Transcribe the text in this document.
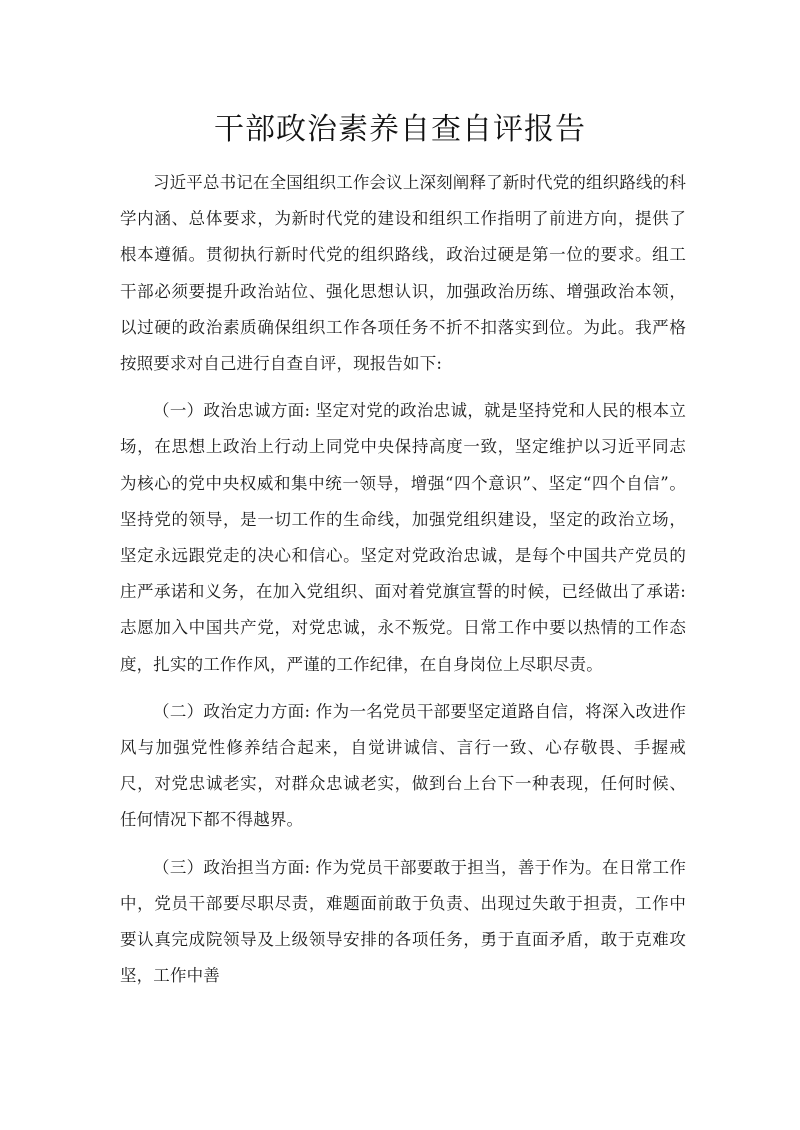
干部政治素养自查自评报告

习近平总书记在全国组织工作会议上深刻阐释了新时代党的组织路线的科学内涵、总体要求，为新时代党的建设和组织工作指明了前进方向，提供了根本遵循。贯彻执行新时代党的组织路线，政治过硬是第一位的要求。组工干部必须要提升政治站位、强化思想认识，加强政治历练、增强政治本领，以过硬的政治素质确保组织工作各项任务不折不扣落实到位。为此。我严格按照要求对自己进行自查自评，现报告如下:

（一）政治忠诚方面: 坚定对党的政治忠诚，就是坚持党和人民的根本立场，在思想上政治上行动上同党中央保持高度一致，坚定维护以习近平同志为核心的党中央权威和集中统一领导，增强“四个意识”、坚定“四个自信”。坚持党的领导，是一切工作的生命线，加强党组织建设，坚定的政治立场，坚定永远跟党走的决心和信心。坚定对党政治忠诚，是每个中国共产党员的庄严承诺和义务，在加入党组织、面对着党旗宣誓的时候，已经做出了承诺: 志愿加入中国共产党，对党忠诚，永不叛党。日常工作中要以热情的工作态度，扎实的工作作风，严谨的工作纪律，在自身岗位上尽职尽责。

（二）政治定力方面: 作为一名党员干部要坚定道路自信，将深入改进作风与加强党性修养结合起来，自觉讲诚信、言行一致、心存敬畏、手握戒尺，对党忠诚老实，对群众忠诚老实，做到台上台下一种表现，任何时候、任何情况下都不得越界。

（三）政治担当方面: 作为党员干部要敢于担当，善于作为。在日常工作中，党员干部要尽职尽责，难题面前敢于负责、出现过失敢于担责，工作中要认真完成院领导及上级领导安排的各项任务，勇于直面矛盾，敢于克难攻坚，工作中善
